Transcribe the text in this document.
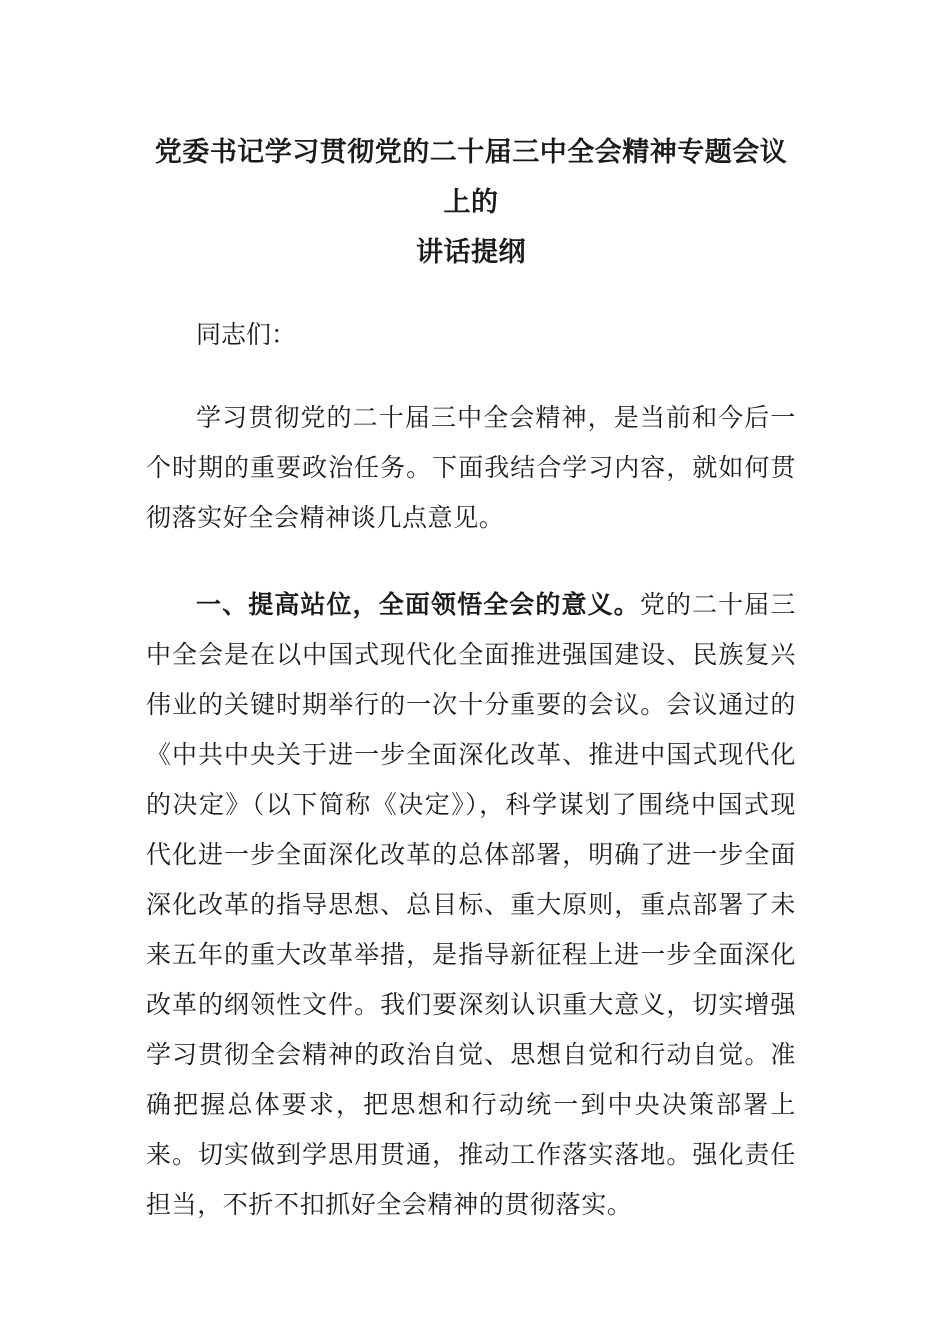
党委书记学习贯彻党的二十届三中全会精神专题会议上的
讲话提纲

同志们：

学习贯彻党的二十届三中全会精神，是当前和今后一个时期的重要政治任务。下面我结合学习内容，就如何贯彻落实好全会精神谈几点意见。

一、提高站位，全面领悟全会的意义。党的二十届三中全会是在以中国式现代化全面推进强国建设、民族复兴伟业的关键时期举行的一次十分重要的会议。会议通过的《中共中央关于进一步全面深化改革、推进中国式现代化的决定》（以下简称《决定》），科学谋划了围绕中国式现代化进一步全面深化改革的总体部署，明确了进一步全面深化改革的指导思想、总目标、重大原则，重点部署了未来五年的重大改革举措，是指导新征程上进一步全面深化改革的纲领性文件。我们要深刻认识重大意义，切实增强学习贯彻全会精神的政治自觉、思想自觉和行动自觉。准确把握总体要求，把思想和行动统一到中央决策部署上来。切实做到学思用贯通，推动工作落实落地。强化责任担当，不折不扣抓好全会精神的贯彻落实。
